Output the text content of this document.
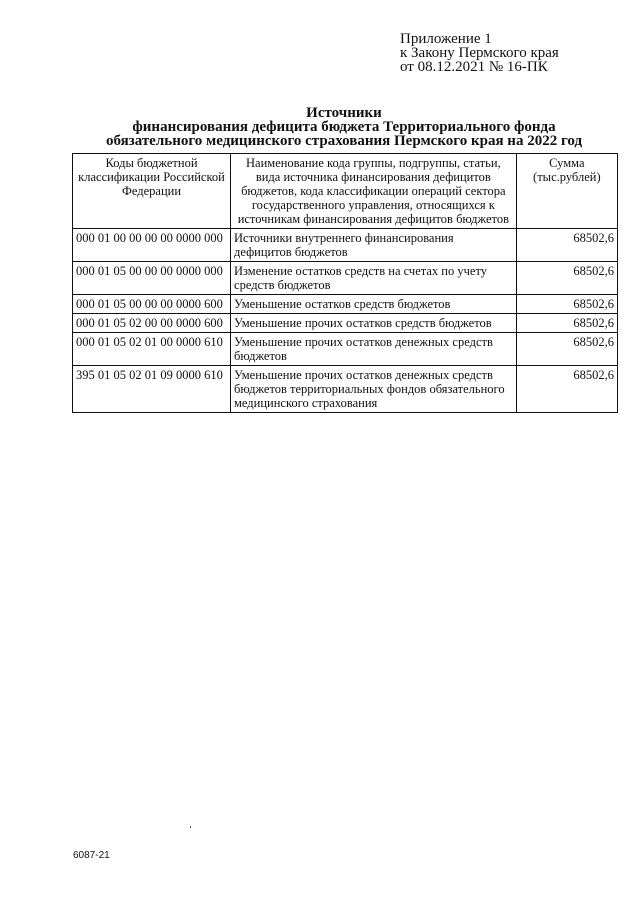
Приложение 1
к Закону Пермского края
от 08.12.2021 № 16-ПК
Источники
финансирования дефицита бюджета Территориального фонда
обязательного медицинского страхования Пермского края на 2022 год
Коды бюджетной классификации Российской Федерации	Наименование кода группы, подгруппы, статьи, вида источника финансирования дефицитов бюджетов, кода классификации операций сектора государственного управления, относящихся к источникам финансирования дефицитов бюджетов	Сумма (тыс.рублей)
000 01 00 00 00 00 0000 000	Источники внутреннего финансирования дефицитов бюджетов	68502,6
000 01 05 00 00 00 0000 000	Изменение остатков средств на счетах по учету средств бюджетов	68502,6
000 01 05 00 00 00 0000 600	Уменьшение остатков средств бюджетов	68502,6
000 01 05 02 00 00 0000 600	Уменьшение прочих остатков средств бюджетов	68502,6
000 01 05 02 01 00 0000 610	Уменьшение прочих остатков денежных средств бюджетов	68502,6
395 01 05 02 01 09 0000 610	Уменьшение прочих остатков денежных средств бюджетов территориальных фондов обязательного медицинского страхования	68502,6
6087-21
